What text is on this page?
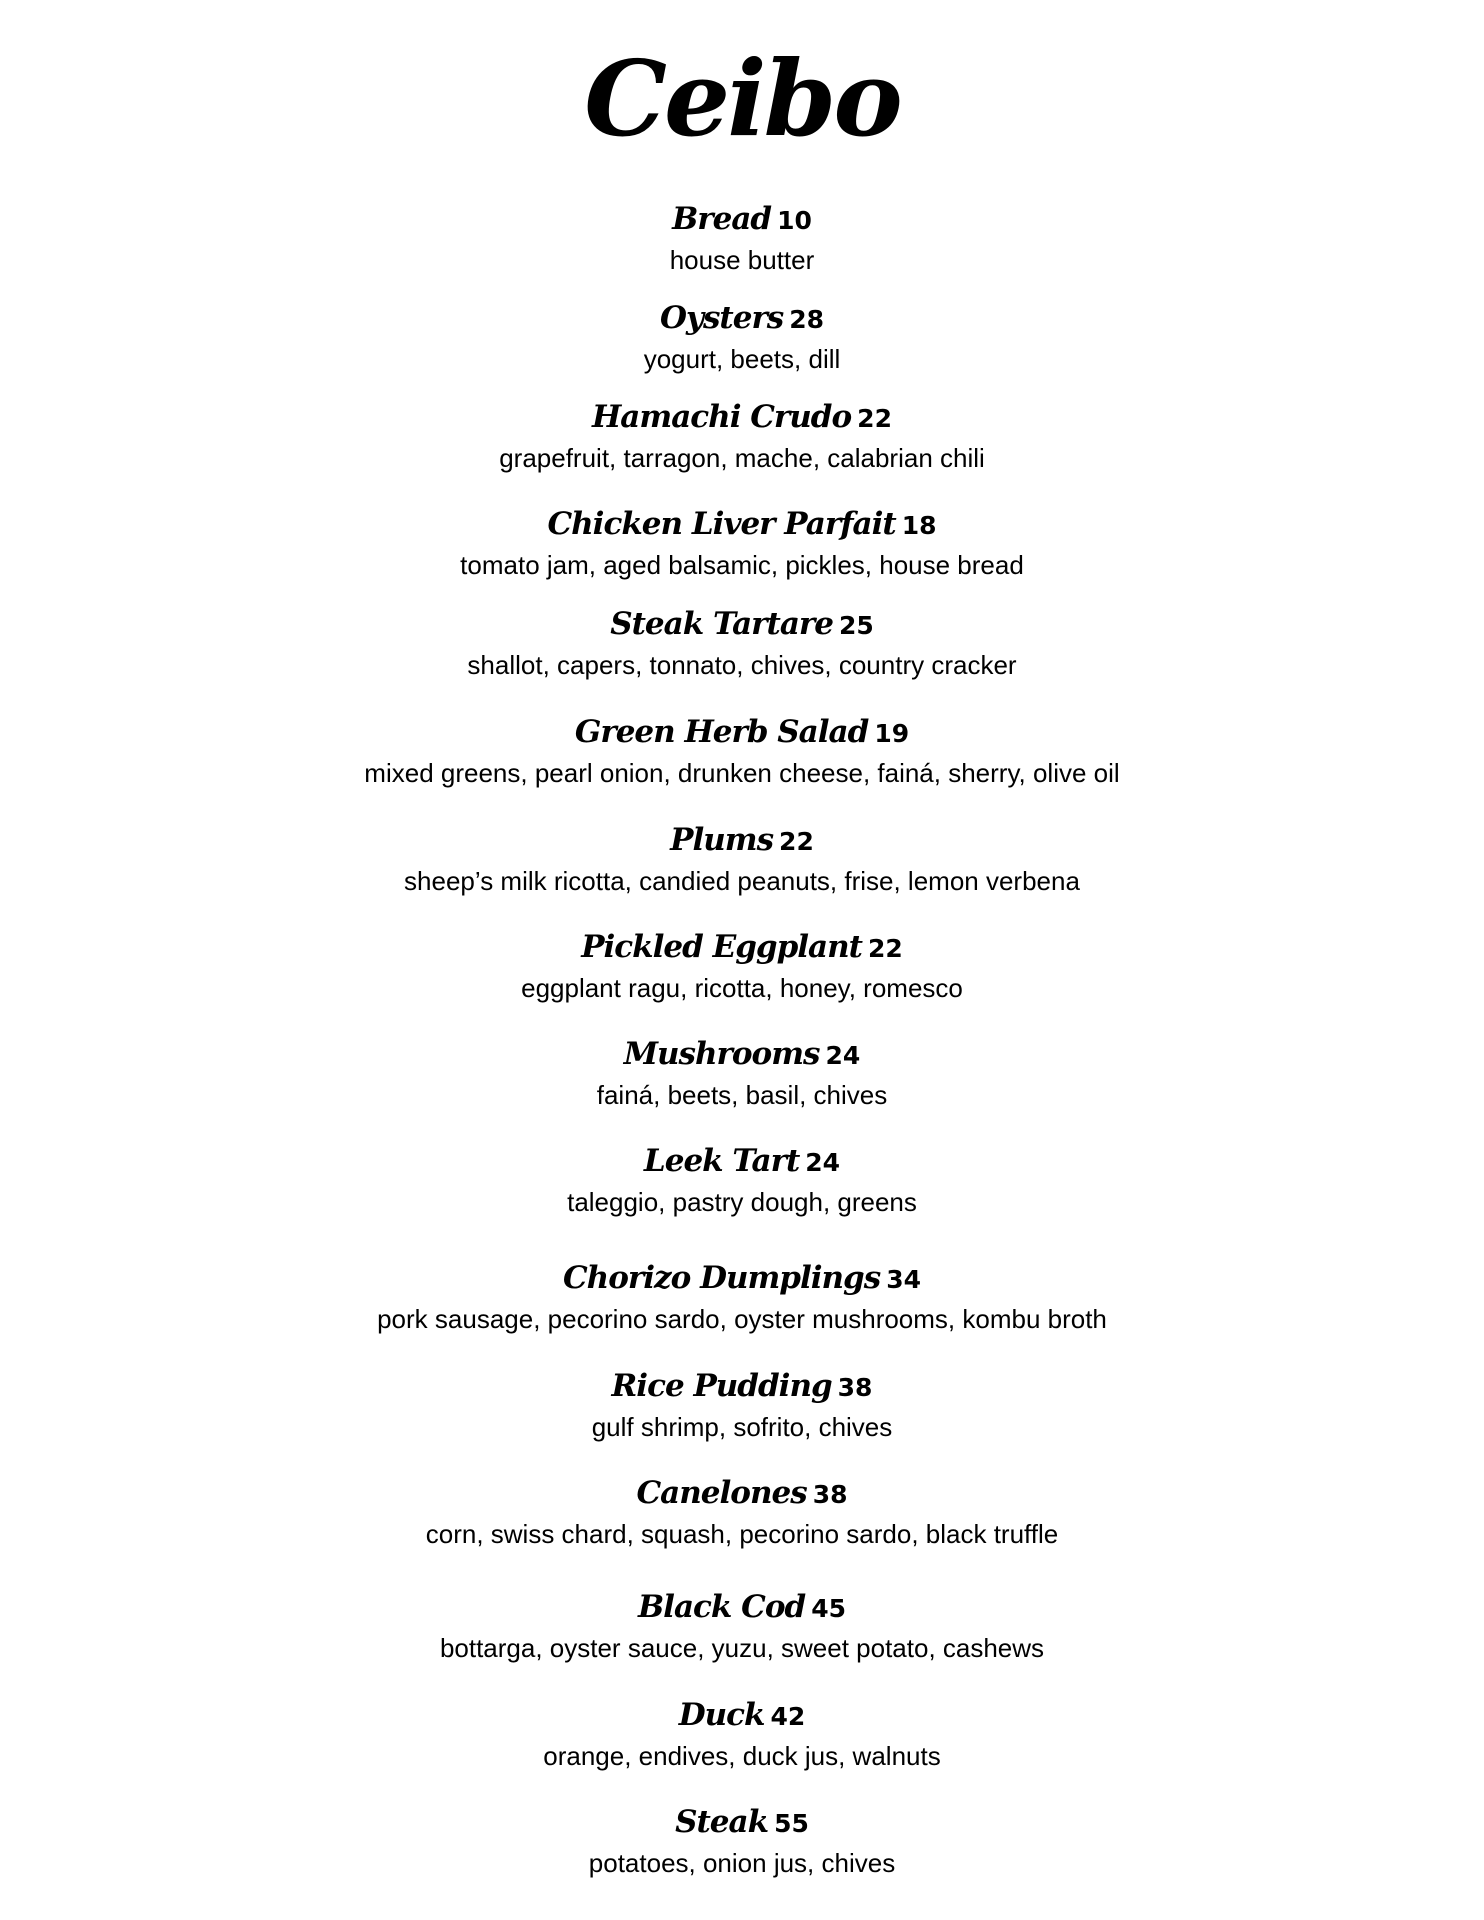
Ceibo
Bread 10
house butter
Oysters 28
yogurt, beets, dill
Hamachi Crudo 22
grapefruit, tarragon, mache, calabrian chili
Chicken Liver Parfait 18
tomato jam, aged balsamic, pickles, house bread
Steak Tartare 25
shallot, capers, tonnato, chives, country cracker
Green Herb Salad 19
mixed greens, pearl onion, drunken cheese, fainá, sherry, olive oil
Plums 22
sheep’s milk ricotta, candied peanuts, frise, lemon verbena
Pickled Eggplant 22
eggplant ragu, ricotta, honey, romesco
Mushrooms 24
fainá, beets, basil, chives
Leek Tart 24
taleggio, pastry dough, greens
Chorizo Dumplings 34
pork sausage, pecorino sardo, oyster mushrooms, kombu broth
Rice Pudding 38
gulf shrimp, sofrito, chives
Canelones 38
corn, swiss chard, squash, pecorino sardo, black truffle
Black Cod 45
bottarga, oyster sauce, yuzu, sweet potato, cashews
Duck 42
orange, endives, duck jus, walnuts
Steak 55
potatoes, onion jus, chives
